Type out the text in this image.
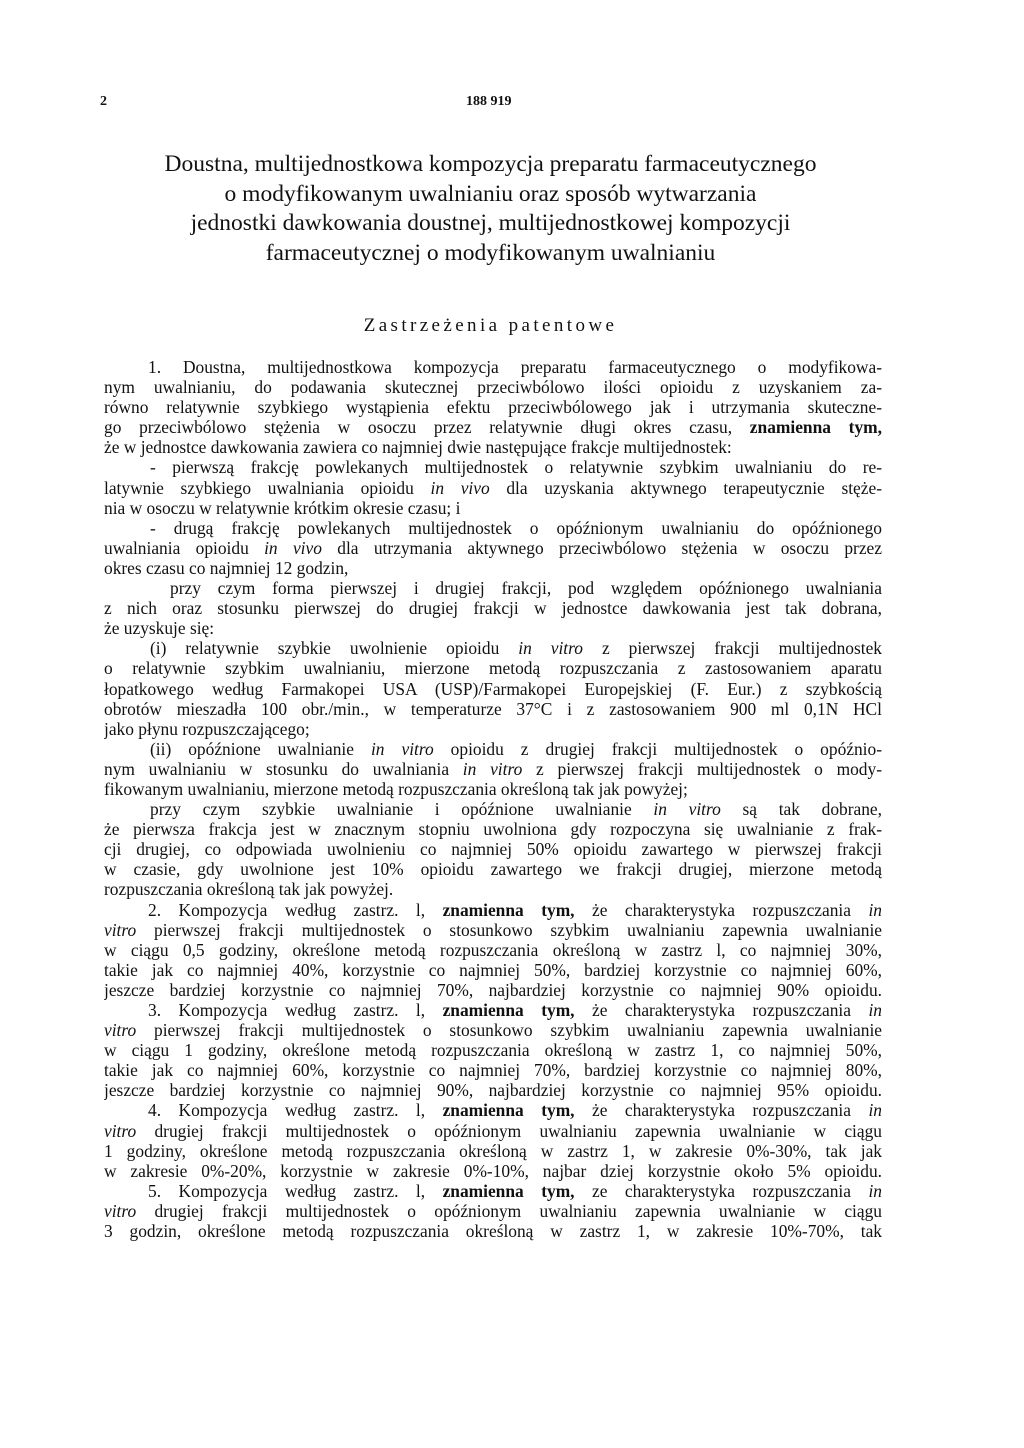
2	188 919
Doustna, multijednostkowa kompozycja preparatu farmaceutycznego
o modyfikowanym uwalnianiu oraz sposób wytwarzania
jednostki dawkowania doustnej, multijednostkowej kompozycji
farmaceutycznej o modyfikowanym uwalnianiu
Zastrzeżenia patentowe
1. Doustna, multijednostkowa kompozycja preparatu farmaceutycznego o modyfikowa-
nym uwalnianiu, do podawania skutecznej przeciwbólowo ilości opioidu z uzyskaniem za-
równo relatywnie szybkiego wystąpienia efektu przeciwbólowego jak i utrzymania skuteczne-
go przeciwbólowo stężenia w osoczu przez relatywnie długi okres czasu, znamienna tym,
że w jednostce dawkowania zawiera co najmniej dwie następujące frakcje multijednostek:
- pierwszą frakcję powlekanych multijednostek o relatywnie szybkim uwalnianiu do re-
latywnie szybkiego uwalniania opioidu in vivo dla uzyskania aktywnego terapeutycznie stęże-
nia w osoczu w relatywnie krótkim okresie czasu; i
- drugą frakcję powlekanych multijednostek o opóźnionym uwalnianiu do opóźnionego
uwalniania opioidu in vivo dla utrzymania aktywnego przeciwbólowo stężenia w osoczu przez
okres czasu co najmniej 12 godzin,
przy czym forma pierwszej i drugiej frakcji, pod względem opóźnionego uwalniania
z nich oraz stosunku pierwszej do drugiej frakcji w jednostce dawkowania jest tak dobrana,
że uzyskuje się:
(i) relatywnie szybkie uwolnienie opioidu in vitro z pierwszej frakcji multijednostek
o relatywnie szybkim uwalnianiu, mierzone metodą rozpuszczania z zastosowaniem aparatu
łopatkowego według Farmakopei USA (USP)/Farmakopei Europejskiej (F. Eur.) z szybkością
obrotów mieszadła 100 obr./min., w temperaturze 37°C i z zastosowaniem 900 ml 0,1N HCl
jako płynu rozpuszczającego;
(ii) opóźnione uwalnianie in vitro opioidu z drugiej frakcji multijednostek o opóźnio-
nym uwalnianiu w stosunku do uwalniania in vitro z pierwszej frakcji multijednostek o mody-
fikowanym uwalnianiu, mierzone metodą rozpuszczania określoną tak jak powyżej;
przy czym szybkie uwalnianie i opóźnione uwalnianie in vitro są tak dobrane,
że pierwsza frakcja jest w znacznym stopniu uwolniona gdy rozpoczyna się uwalnianie z frak-
cji drugiej, co odpowiada uwolnieniu co najmniej 50% opioidu zawartego w pierwszej frakcji
w czasie, gdy uwolnione jest 10% opioidu zawartego we frakcji drugiej, mierzone metodą
rozpuszczania określoną tak jak powyżej.
2. Kompozycja według zastrz. l, znamienna tym, że charakterystyka rozpuszczania in
vitro pierwszej frakcji multijednostek o stosunkowo szybkim uwalnianiu zapewnia uwalnianie
w ciągu 0,5 godziny, określone metodą rozpuszczania określoną w zastrz l, co najmniej 30%,
takie jak co najmniej 40%, korzystnie co najmniej 50%, bardziej korzystnie co najmniej 60%,
jeszcze bardziej korzystnie co najmniej 70%, najbardziej korzystnie co najmniej 90% opioidu.
3. Kompozycja według zastrz. l, znamienna tym, że charakterystyka rozpuszczania in
vitro pierwszej frakcji multijednostek o stosunkowo szybkim uwalnianiu zapewnia uwalnianie
w ciągu 1 godziny, określone metodą rozpuszczania określoną w zastrz 1, co najmniej 50%,
takie jak co najmniej 60%, korzystnie co najmniej 70%, bardziej korzystnie co najmniej 80%,
jeszcze bardziej korzystnie co najmniej 90%, najbardziej korzystnie co najmniej 95% opioidu.
4. Kompozycja według zastrz. l, znamienna tym, że charakterystyka rozpuszczania in
vitro drugiej frakcji multijednostek o opóźnionym uwalnianiu zapewnia uwalnianie w ciągu
1 godziny, określone metodą rozpuszczania określoną w zastrz 1, w zakresie 0%-30%, tak jak
w zakresie 0%-20%, korzystnie w zakresie 0%-10%, najbar dziej korzystnie około 5% opioidu.
5. Kompozycja według zastrz. l, znamienna tym, ze charakterystyka rozpuszczania in
vitro drugiej frakcji multijednostek o opóźnionym uwalnianiu zapewnia uwalnianie w ciągu
3 godzin, określone metodą rozpuszczania określoną w zastrz 1, w zakresie 10%-70%, tak
